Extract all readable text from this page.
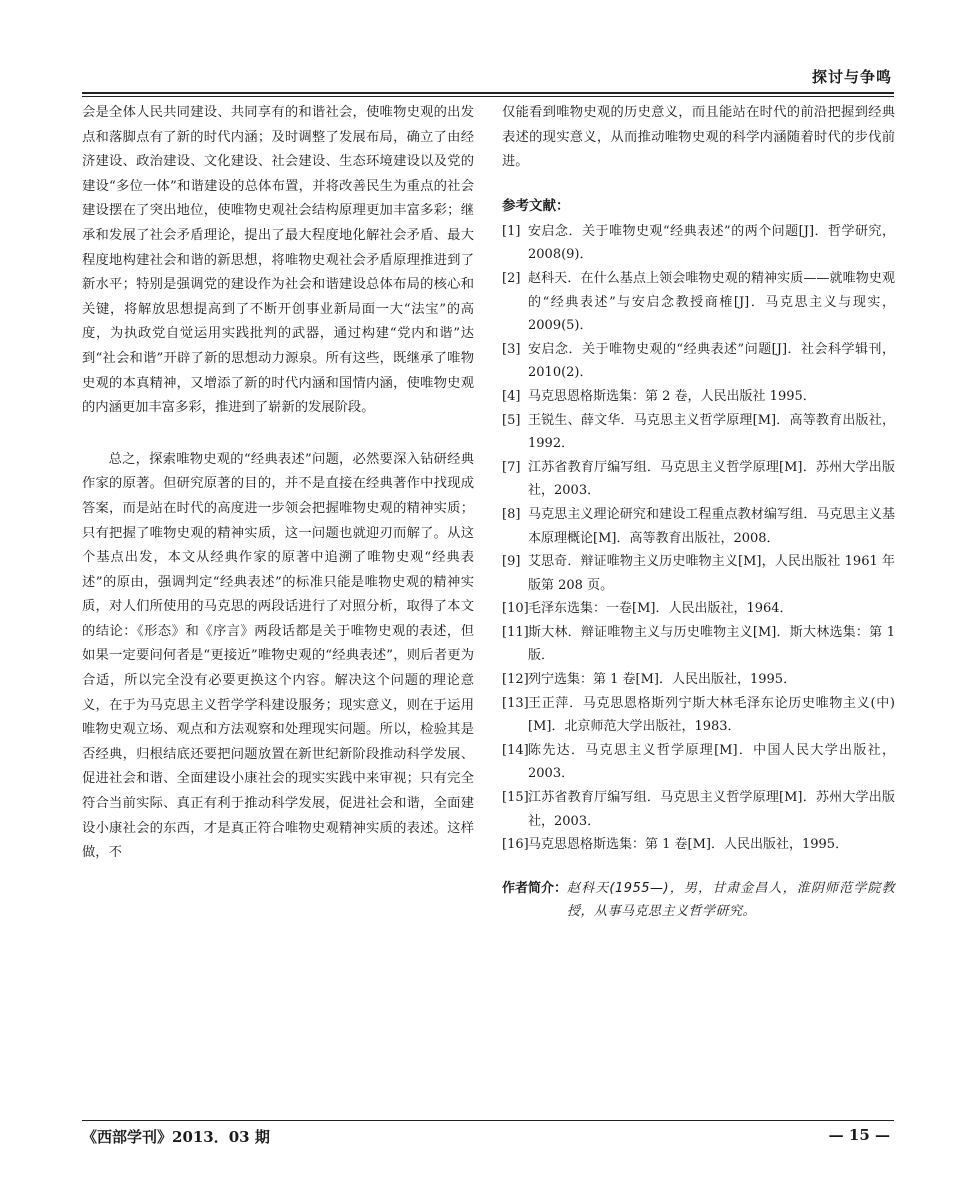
探讨与争鸣

会是全体人民共同建设、共同享有的和谐社会，使唯物史观的出发点和落脚点有了新的时代内涵；及时调整了发展布局，确立了由经济建设、政治建设、文化建设、社会建设、生态环境建设以及党的建设“多位一体”和谐建设的总体布置，并将改善民生为重点的社会建设摆在了突出地位，使唯物史观社会结构原理更加丰富多彩；继承和发展了社会矛盾理论，提出了最大程度地化解社会矛盾、最大程度地构建社会和谐的新思想，将唯物史观社会矛盾原理推进到了新水平；特别是强调党的建设作为社会和谐建设总体布局的核心和关键，将解放思想提高到了不断开创事业新局面一大“法宝”的高度，为执政党自觉运用实践批判的武器，通过构建“党内和谐”达到“社会和谐”开辟了新的思想动力源泉。所有这些，既继承了唯物史观的本真精神，又增添了新的时代内涵和国情内涵，使唯物史观的内涵更加丰富多彩，推进到了崭新的发展阶段。

总之，探索唯物史观的“经典表述”问题，必然要深入钻研经典作家的原著。但研究原著的目的，并不是直接在经典著作中找现成答案，而是站在时代的高度进一步领会把握唯物史观的精神实质；只有把握了唯物史观的精神实质，这一问题也就迎刃而解了。从这个基点出发，本文从经典作家的原著中追溯了唯物史观“经典表述”的原由，强调判定“经典表述”的标准只能是唯物史观的精神实质，对人们所使用的马克思的两段话进行了对照分析，取得了本文的结论：《形态》和《序言》两段话都是关于唯物史观的表述，但如果一定要问何者是“更接近”唯物史观的“经典表述”，则后者更为合适，所以完全没有必要更换这个内容。解决这个问题的理论意义，在于为马克思主义哲学学科建设服务；现实意义，则在于运用唯物史观立场、观点和方法观察和处理现实问题。所以，检验其是否经典，归根结底还要把问题放置在新世纪新阶段推动科学发展、促进社会和谐、全面建设小康社会的现实实践中来审视；只有完全符合当前实际、真正有利于推动科学发展，促进社会和谐，全面建设小康社会的东西，才是真正符合唯物史观精神实质的表述。这样做，不

仅能看到唯物史观的历史意义，而且能站在时代的前沿把握到经典表述的现实意义，从而推动唯物史观的科学内涵随着时代的步伐前进。

参考文献：
[1] 安启念．关于唯物史观“经典表述”的两个问题[J]．哲学研究，2008(9)．
[2] 赵科天．在什么基点上领会唯物史观的精神实质——就唯物史观的“经典表述”与安启念教授商榷[J]．马克思主义与现实，2009(5)．
[3] 安启念．关于唯物史观的“经典表述”问题[J]．社会科学辑刊，2010(2)．
[4] 马克思恩格斯选集：第 2 卷，人民出版社 1995．
[5] 王锐生、薛文华．马克思主义哲学原理[M]．高等教育出版社，1992．
[7] 江苏省教育厅编写组．马克思主义哲学原理[M]．苏州大学出版社，2003．
[8] 马克思主义理论研究和建设工程重点教材编写组．马克思主义基本原理概论[M]．高等教育出版社，2008．
[9] 艾思奇．辩证唯物主义历史唯物主义[M]，人民出版社 1961 年版第 208 页。
[10] 毛泽东选集：一卷[M]．人民出版社，1964．
[11] 斯大林．辩证唯物主义与历史唯物主义[M]．斯大林选集：第 1 版．
[12] 列宁选集：第 1 卷[M]．人民出版社，1995．
[13] 王正萍．马克思恩格斯列宁斯大林毛泽东论历史唯物主义(中)[M]．北京师范大学出版社，1983．
[14] 陈先达．马克思主义哲学原理[M]．中国人民大学出版社，2003．
[15] 江苏省教育厅编写组．马克思主义哲学原理[M]．苏州大学出版社，2003．
[16] 马克思恩格斯选集：第 1 卷[M]．人民出版社，1995．
作者简介： 赵科天(1955—)，男，甘肃金昌人，淮阴师范学院教授，从事马克思主义哲学研究。
《西部学刊》2013．03 期	— 15 —
